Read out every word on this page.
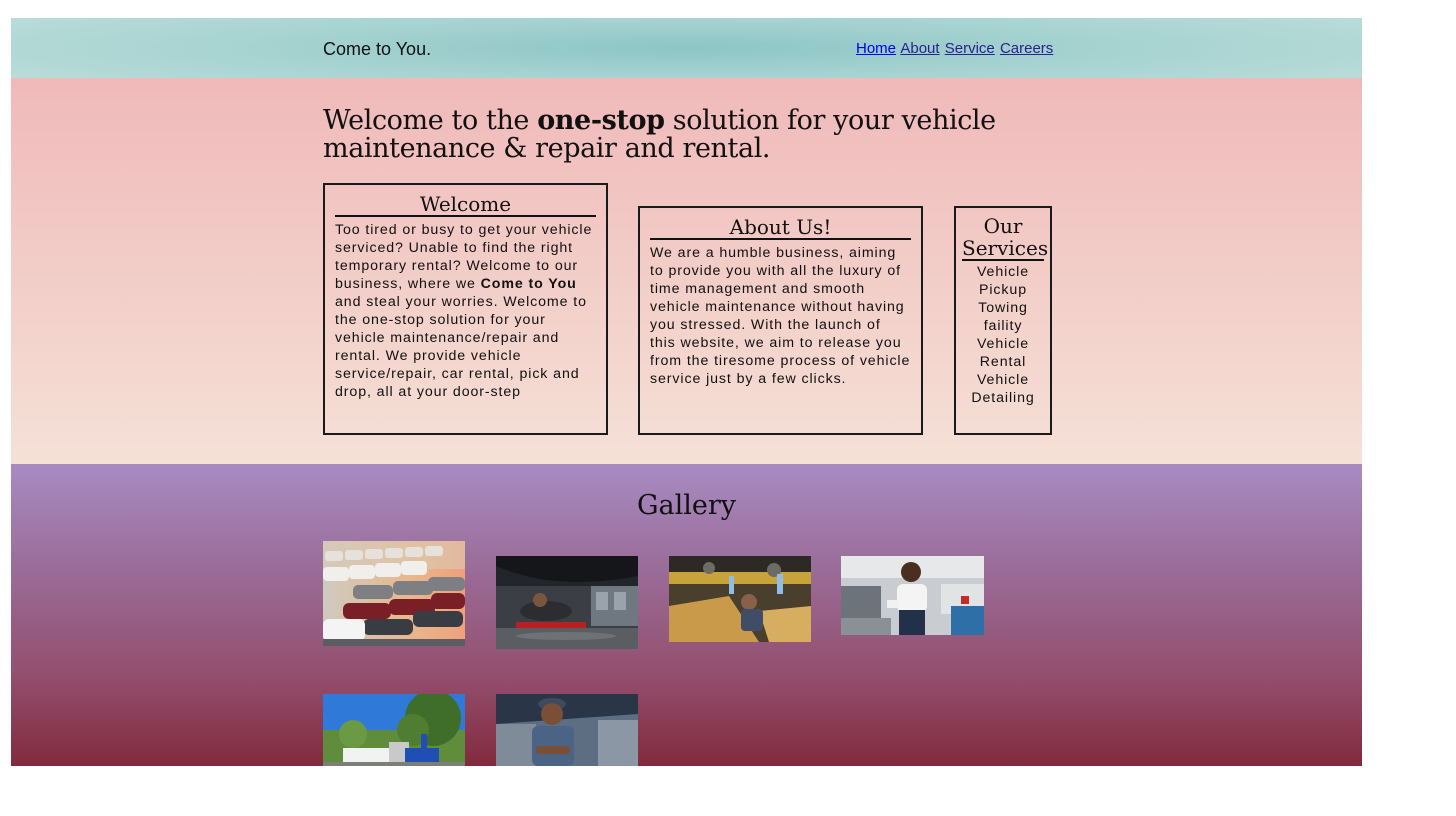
Come to You.	Home About Service Careers
Welcome to the one-stop solution for your vehicle maintenance & repair and rental.
Welcome

Too tired or busy to get your vehicle serviced? Unable to find the right temporary rental? Welcome to our business, where we Come to You and steal your worries. Welcome to the one-stop solution for your vehicle maintenance/repair and rental. We provide vehicle service/repair, car rental, pick and drop, all at your door-step

About Us!

We are a humble business, aiming to provide you with all the luxury of time management and smooth vehicle maintenance without having you stressed. With the launch of this website, we aim to release you from the tiresome process of vehicle service just by a few clicks.

Our
Services
Vehicle Pickup
Towing faility
Vehicle Rental
Vehicle Detailing
Gallery
